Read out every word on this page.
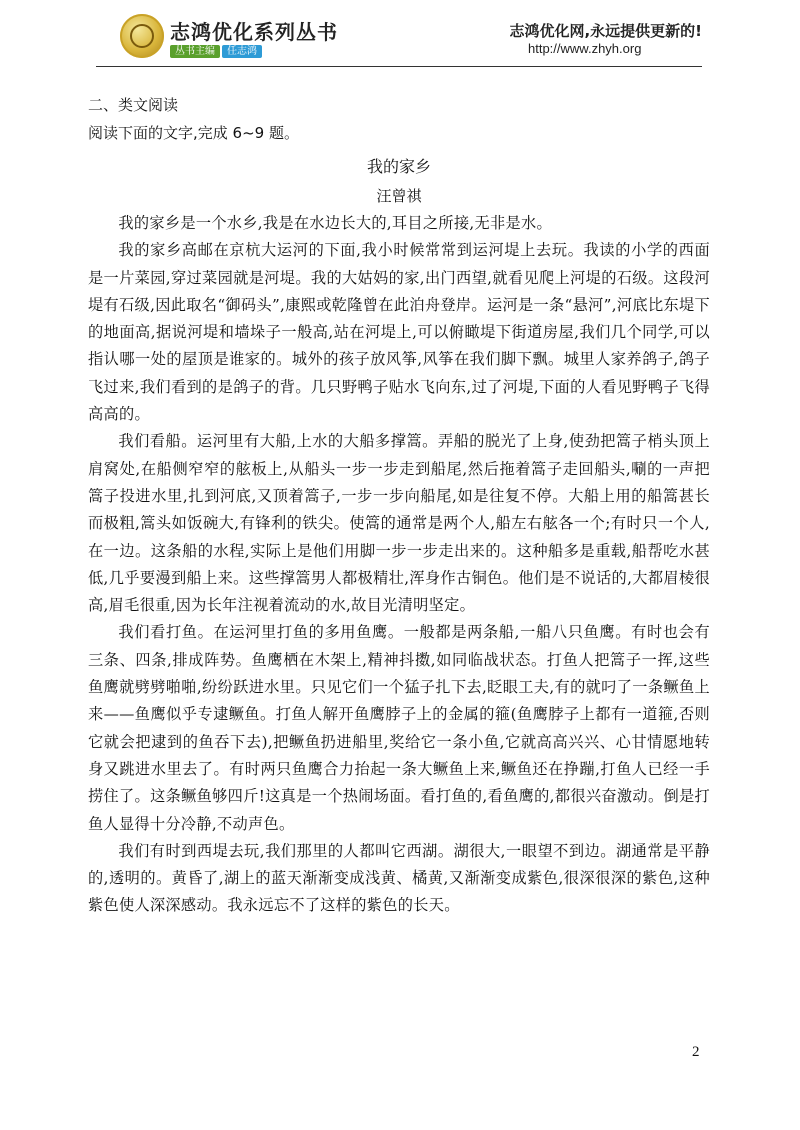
志鸿优化系列丛书
丛书主编 任志鸿
志鸿优化网,永远提供更新的!
http://www.zhyh.org
二、类文阅读
阅读下面的文字,完成 6~9 题。
我的家乡
汪曾祺

我的家乡是一个水乡,我是在水边长大的,耳目之所接,无非是水。

我的家乡高邮在京杭大运河的下面,我小时候常常到运河堤上去玩。我读的小学的西面是一片菜园,穿过菜园就是河堤。我的大姑妈的家,出门西望,就看见爬上河堤的石级。这段河堤有石级,因此取名“御码头”,康熙或乾隆曾在此泊舟登岸。运河是一条“悬河”,河底比东堤下的地面高,据说河堤和墙垛子一般高,站在河堤上,可以俯瞰堤下街道房屋,我们几个同学,可以指认哪一处的屋顶是谁家的。城外的孩子放风筝,风筝在我们脚下飘。城里人家养鸽子,鸽子飞过来,我们看到的是鸽子的背。几只野鸭子贴水飞向东,过了河堤,下面的人看见野鸭子飞得高高的。

我们看船。运河里有大船,上水的大船多撑篙。弄船的脱光了上身,使劲把篙子梢头顶上肩窝处,在船侧窄窄的舷板上,从船头一步一步走到船尾,然后拖着篙子走回船头,唰的一声把篙子投进水里,扎到河底,又顶着篙子,一步一步向船尾,如是往复不停。大船上用的船篙甚长而极粗,篙头如饭碗大,有锋利的铁尖。使篙的通常是两个人,船左右舷各一个;有时只一个人,在一边。这条船的水程,实际上是他们用脚一步一步走出来的。这种船多是重载,船帮吃水甚低,几乎要漫到船上来。这些撑篙男人都极精壮,浑身作古铜色。他们是不说话的,大都眉棱很高,眉毛很重,因为长年注视着流动的水,故目光清明坚定。

我们看打鱼。在运河里打鱼的多用鱼鹰。一般都是两条船,一船八只鱼鹰。有时也会有三条、四条,排成阵势。鱼鹰栖在木架上,精神抖擞,如同临战状态。打鱼人把篙子一挥,这些鱼鹰就劈劈啪啪,纷纷跃进水里。只见它们一个猛子扎下去,眨眼工夫,有的就叼了一条鳜鱼上来——鱼鹰似乎专逮鳜鱼。打鱼人解开鱼鹰脖子上的金属的箍(鱼鹰脖子上都有一道箍,否则它就会把逮到的鱼吞下去),把鳜鱼扔进船里,奖给它一条小鱼,它就高高兴兴、心甘情愿地转身又跳进水里去了。有时两只鱼鹰合力抬起一条大鳜鱼上来,鳜鱼还在挣蹦,打鱼人已经一手捞住了。这条鳜鱼够四斤!这真是一个热闹场面。看打鱼的,看鱼鹰的,都很兴奋激动。倒是打鱼人显得十分冷静,不动声色。

我们有时到西堤去玩,我们那里的人都叫它西湖。湖很大,一眼望不到边。湖通常是平静的,透明的。黄昏了,湖上的蓝天渐渐变成浅黄、橘黄,又渐渐变成紫色,很深很深的紫色,这种紫色使人深深感动。我永远忘不了这样的紫色的长天。

2
